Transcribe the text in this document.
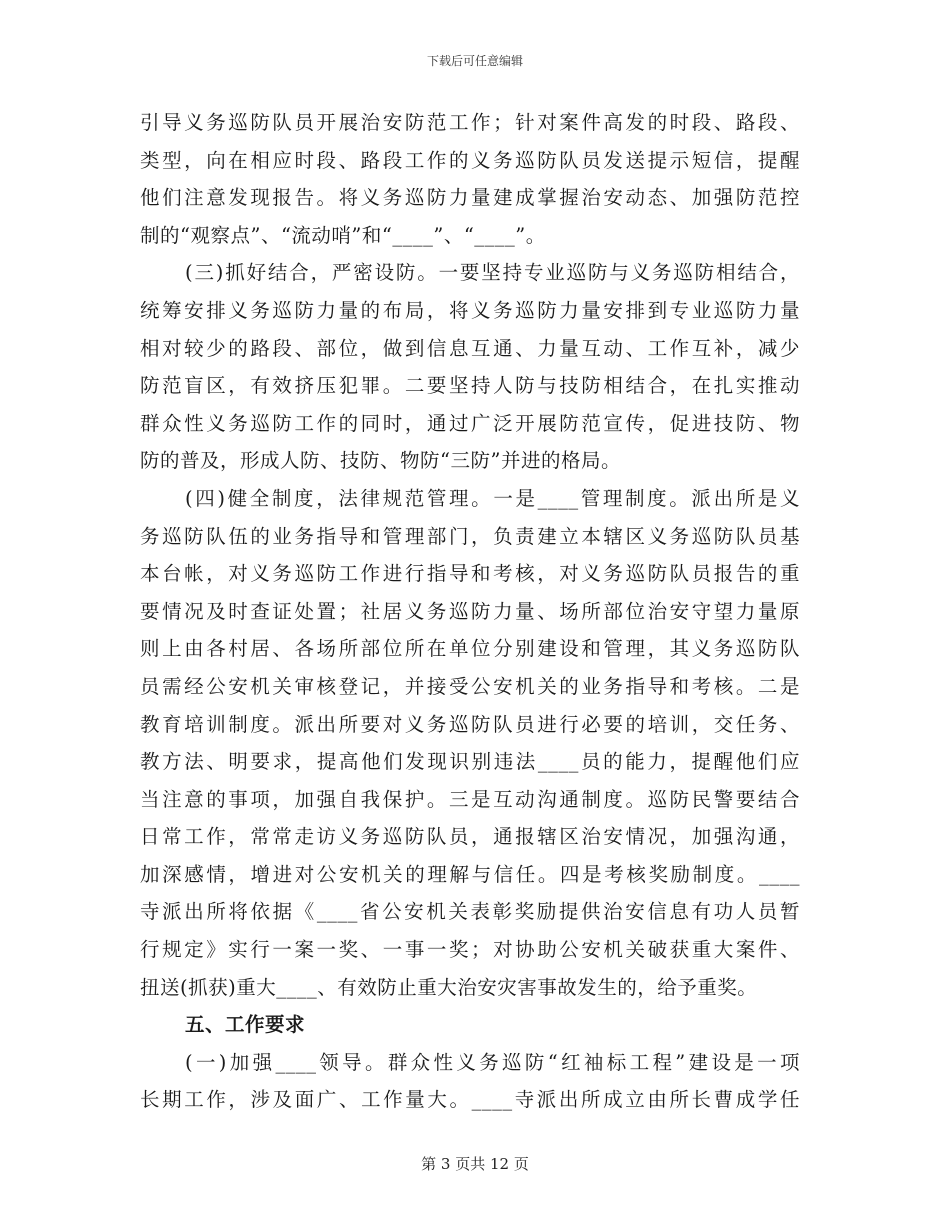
下载后可任意编辑
引导义务巡防队员开展治安防范工作；针对案件高发的时段、路段、
类型，向在相应时段、路段工作的义务巡防队员发送提示短信，提醒
他们注意发现报告。将义务巡防力量建成掌握治安动态、加强防范控
制的“观察点”、“流动哨”和“____”、“____”。
(三)抓好结合，严密设防。一要坚持专业巡防与义务巡防相结合，
统筹安排义务巡防力量的布局，将义务巡防力量安排到专业巡防力量
相对较少的路段、部位，做到信息互通、力量互动、工作互补，减少
防范盲区，有效挤压犯罪。二要坚持人防与技防相结合，在扎实推动
群众性义务巡防工作的同时，通过广泛开展防范宣传，促进技防、物
防的普及，形成人防、技防、物防“三防”并进的格局。
(四)健全制度，法律规范管理。一是____管理制度。派出所是义
务巡防队伍的业务指导和管理部门，负责建立本辖区义务巡防队员基
本台帐，对义务巡防工作进行指导和考核，对义务巡防队员报告的重
要情况及时查证处置；社居义务巡防力量、场所部位治安守望力量原
则上由各村居、各场所部位所在单位分别建设和管理，其义务巡防队
员需经公安机关审核登记，并接受公安机关的业务指导和考核。二是
教育培训制度。派出所要对义务巡防队员进行必要的培训，交任务、
教方法、明要求，提高他们发现识别违法____员的能力，提醒他们应
当注意的事项，加强自我保护。三是互动沟通制度。巡防民警要结合
日常工作，常常走访义务巡防队员，通报辖区治安情况，加强沟通，
加深感情，增进对公安机关的理解与信任。四是考核奖励制度。____
寺派出所将依据《____省公安机关表彰奖励提供治安信息有功人员暂
行规定》实行一案一奖、一事一奖；对协助公安机关破获重大案件、
扭送(抓获)重大____、有效防止重大治安灾害事故发生的，给予重奖。
五、工作要求
(一)加强____领导。群众性义务巡防“红袖标工程”建设是一项
长期工作，涉及面广、工作量大。____寺派出所成立由所长曹成学任
第 3 页共 12 页
